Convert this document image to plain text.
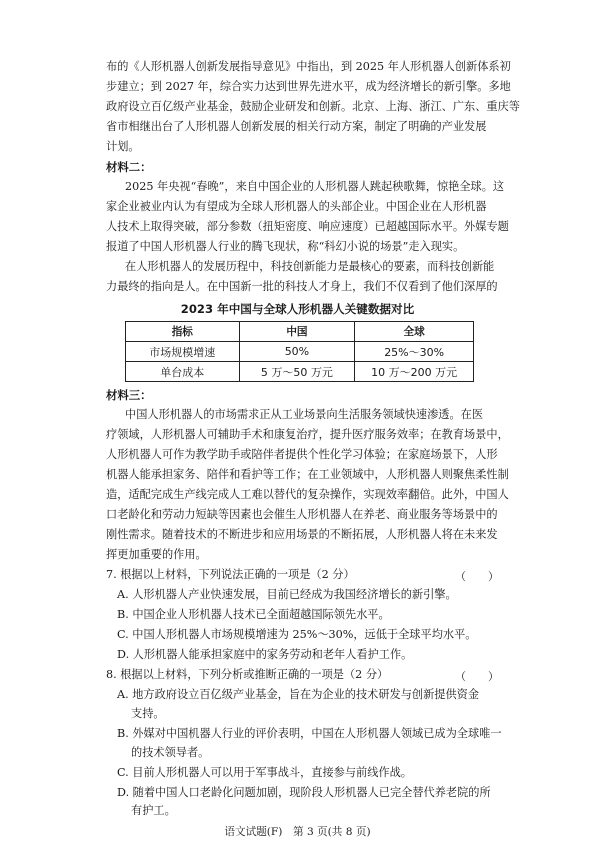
布的《人形机器人创新发展指导意见》中指出，到 2025 年人形机器人创新体系初
步建立；到 2027 年，综合实力达到世界先进水平，成为经济增长的新引擎。多地
政府设立百亿级产业基金，鼓励企业研发和创新。北京、上海、浙江、广东、重庆等
省市相继出台了人形机器人创新发展的相关行动方案，制定了明确的产业发展
计划。
材料二：
2025 年央视“春晚”，来自中国企业的人形机器人跳起秧歌舞，惊艳全球。这
家企业被业内认为有望成为全球人形机器人的头部企业。中国企业在人形机器
人技术上取得突破，部分参数（扭矩密度、响应速度）已超越国际水平。外媒专题
报道了中国人形机器人行业的腾飞现状，称“科幻小说的场景”走入现实。
在人形机器人的发展历程中，科技创新能力是最核心的要素，而科技创新能
力最终的指向是人。在中国新一批的科技人才身上，我们不仅看到了他们深厚的
2023 年中国与全球人形机器人关键数据对比
指标	中国	全球
市场规模增速	50%	25%～30%
单台成本	5 万～50 万元	10 万～200 万元
材料三：
中国人形机器人的市场需求正从工业场景向生活服务领域快速渗透。在医
疗领域，人形机器人可辅助手术和康复治疗，提升医疗服务效率；在教育场景中，
人形机器人可作为教学助手或陪伴者提供个性化学习体验；在家庭场景下，人形
机器人能承担家务、陪伴和看护等工作；在工业领域中，人形机器人则聚焦柔性制
造，适配完成生产线完成人工难以替代的复杂操作，实现效率翻倍。此外，中国人
口老龄化和劳动力短缺等因素也会催生人形机器人在养老、商业服务等场景中的
刚性需求。随着技术的不断进步和应用场景的不断拓展，人形机器人将在未来发
挥更加重要的作用。
7. 根据以上材料，下列说法正确的一项是（2 分）	（　　）
A. 人形机器人产业快速发展，目前已经成为我国经济增长的新引擎。
B. 中国企业人形机器人技术已全面超越国际领先水平。
C. 中国人形机器人市场规模增速为 25%～30%，远低于全球平均水平。
D. 人形机器人能承担家庭中的家务劳动和老年人看护工作。
8. 根据以上材料，下列分析或推断正确的一项是（2 分）	（　　）
A. 地方政府设立百亿级产业基金，旨在为企业的技术研发与创新提供资金
支持。
B. 外媒对中国机器人行业的评价表明，中国在人形机器人领域已成为全球唯一
的技术领导者。
C. 目前人形机器人可以用于军事战斗，直接参与前线作战。
D. 随着中国人口老龄化问题加剧，现阶段人形机器人已完全替代养老院的所
有护工。
语文试题(F)　第 3 页(共 8 页)
